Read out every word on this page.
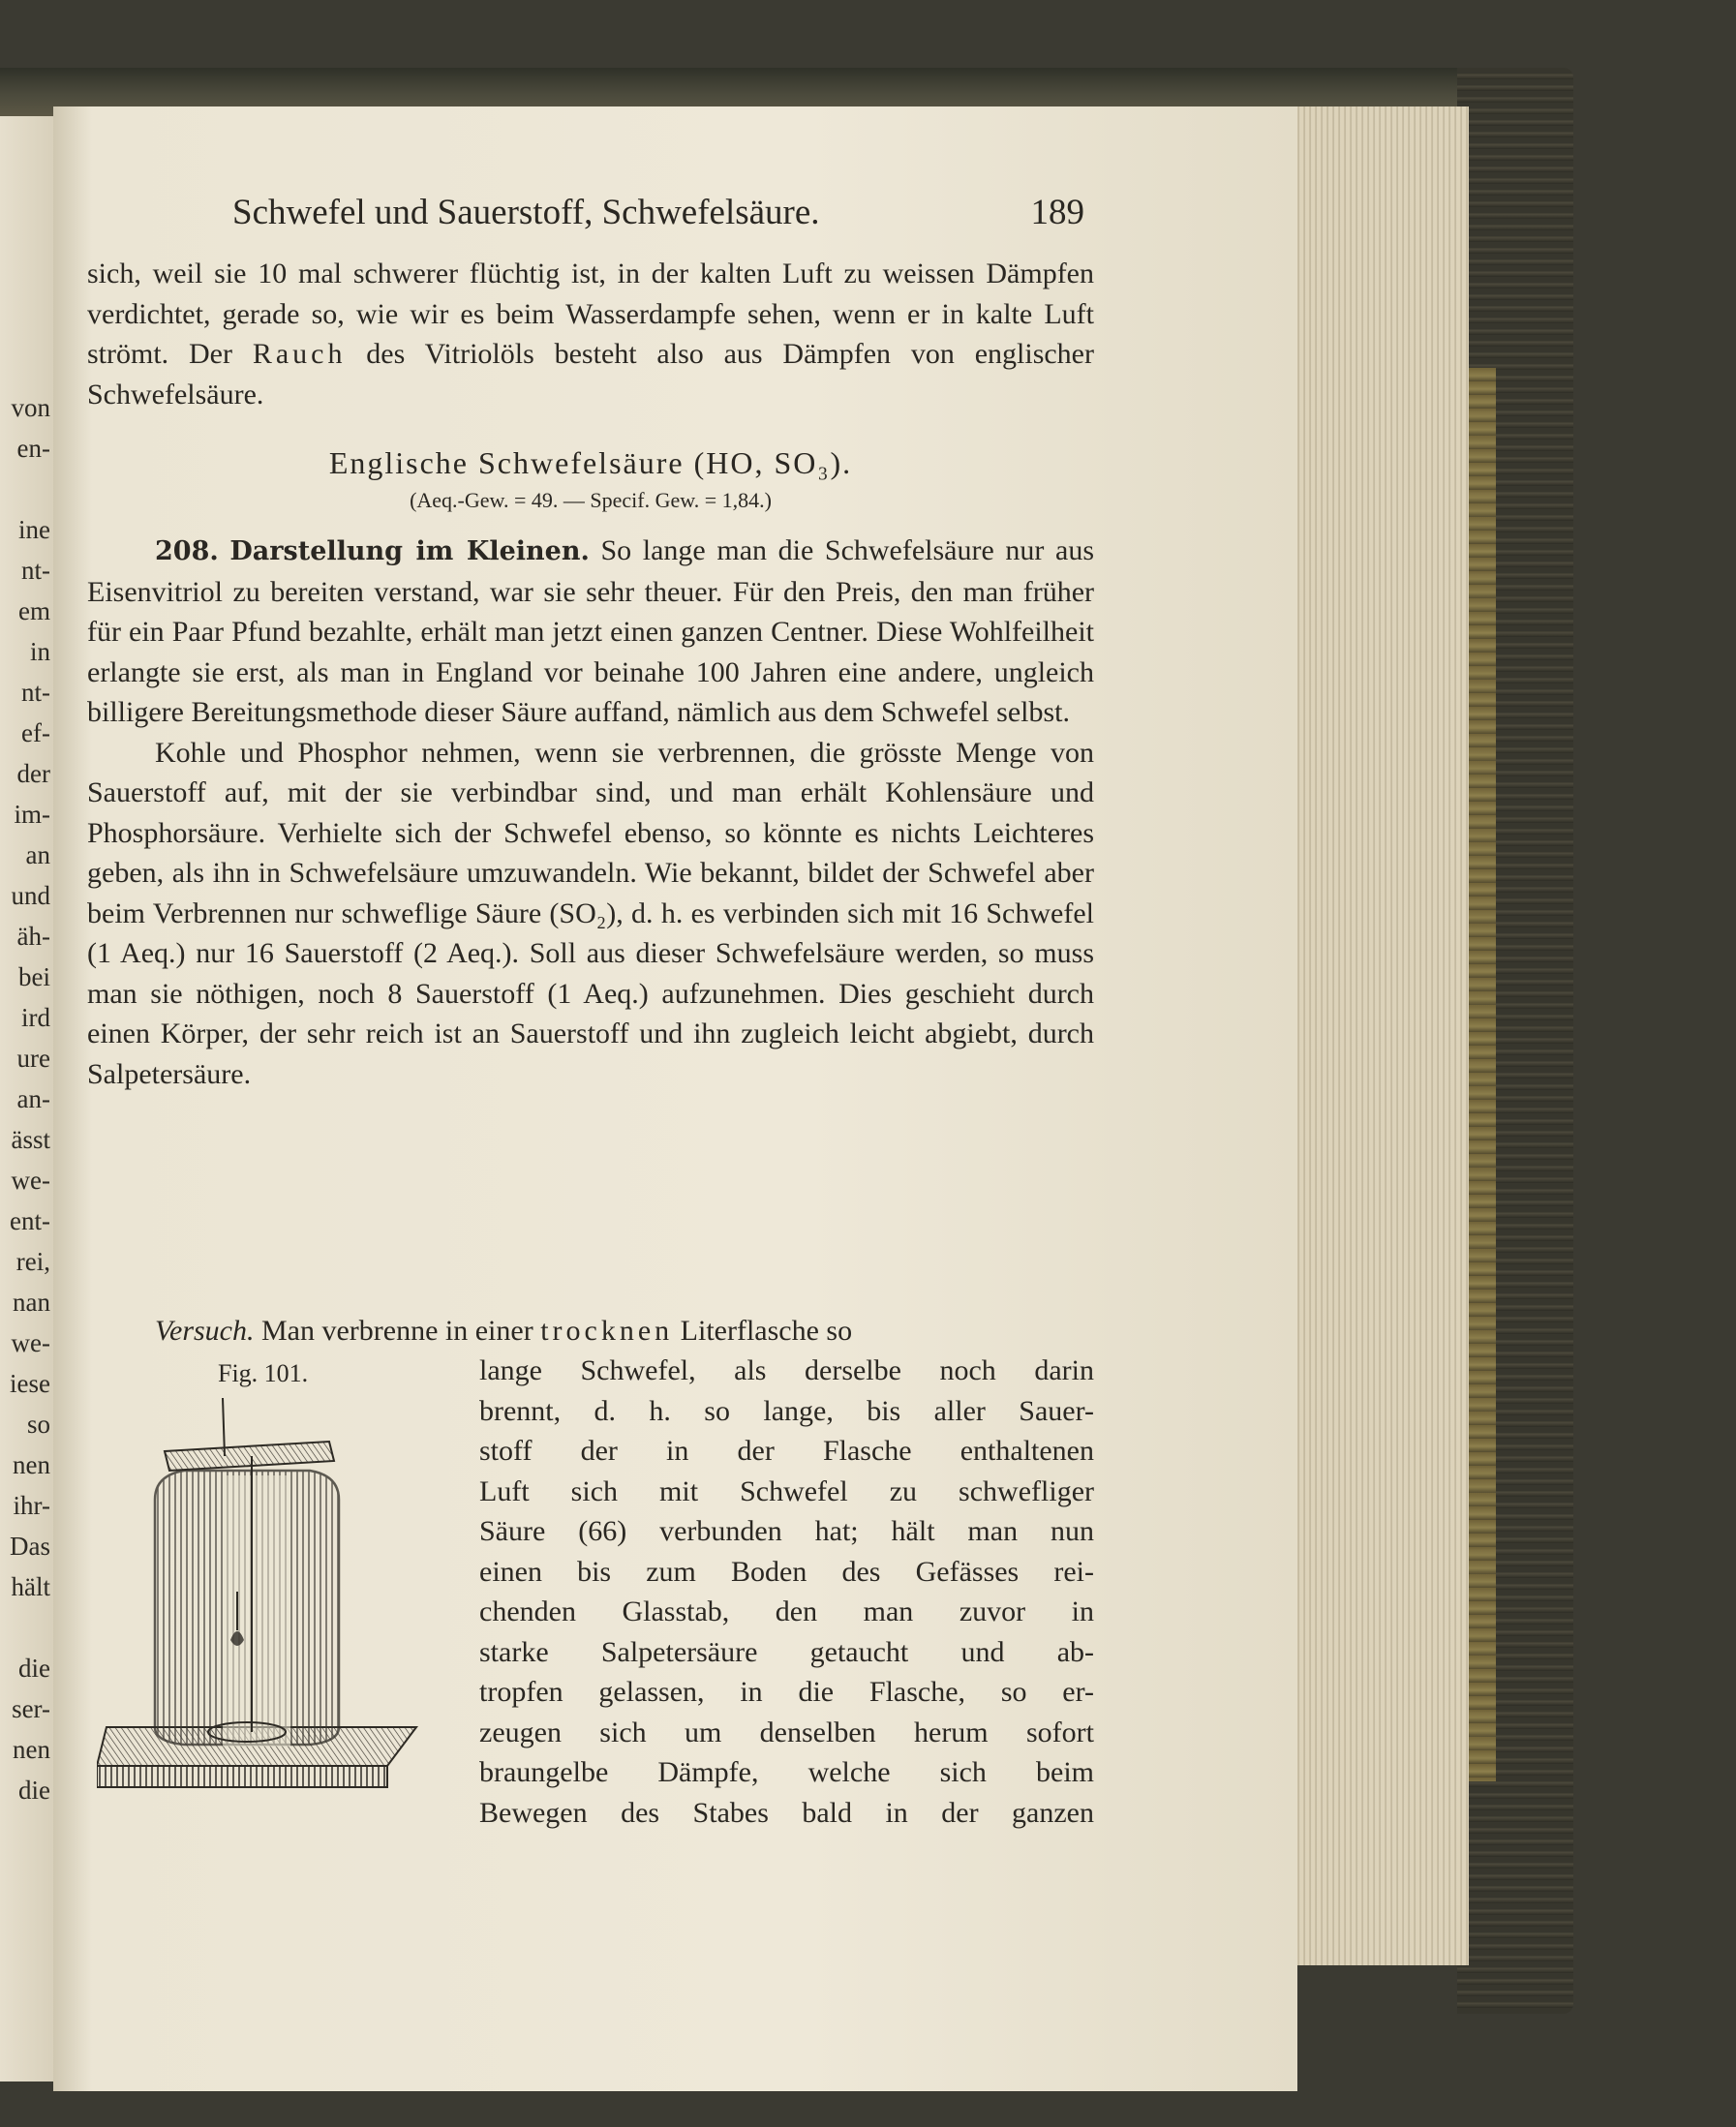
von
en-
ine
nt-
em
in
nt-
ef-
der
im-
an
und
äh-
bei
ird
ure
an-
ässt
we-
ent-
rei,
nan
we-
iese
so
nen
ihr-
Das
hält
die
ser-
nen
die
Schwefel und Sauerstoff, Schwefelsäure.	189

sich, weil sie 10 mal schwerer flüchtig ist, in der kalten Luft zu weissen Dämpfen verdichtet, gerade so, wie wir es beim Wasserdampfe sehen, wenn er in kalte Luft strömt. Der Rauch des Vitriolöls besteht also aus Dämpfen von englischer Schwefelsäure.

Englische Schwefelsäure (HO, SO₃).
(Aeq.-Gew. = 49. — Specif. Gew. = 1,84.)

208. Darstellung im Kleinen. So lange man die Schwefelsäure nur aus Eisenvitriol zu bereiten verstand, war sie sehr theuer. Für den Preis, den man früher für ein Paar Pfund bezahlte, erhält man jetzt einen ganzen Centner. Diese Wohlfeilheit erlangte sie erst, als man in England vor beinahe 100 Jahren eine andere, ungleich billigere Bereitungsmethode dieser Säure auffand, nämlich aus dem Schwefel selbst.

Kohle und Phosphor nehmen, wenn sie verbrennen, die grösste Menge von Sauerstoff auf, mit der sie verbindbar sind, und man erhält Kohlensäure und Phosphorsäure. Verhielte sich der Schwefel ebenso, so könnte es nichts Leichteres geben, als ihn in Schwefelsäure umzuwandeln. Wie bekannt, bildet der Schwefel aber beim Verbrennen nur schweflige Säure (SO₂), d. h. es verbinden sich mit 16 Schwefel (1 Aeq.) nur 16 Sauerstoff (2 Aeq.). Soll aus dieser Schwefelsäure werden, so muss man sie nöthigen, noch 8 Sauerstoff (1 Aeq.) aufzunehmen. Dies geschieht durch einen Körper, der sehr reich ist an Sauerstoff und ihn zugleich leicht abgiebt, durch Salpetersäure.

Versuch. Man verbrenne in einer trocknen Literflasche so
Fig. 101.	lange Schwefel, als derselbe noch darin
brennt, d. h. so lange, bis aller Sauer-
stoff der in der Flasche enthaltenen
Luft sich mit Schwefel zu schwefliger
Säure (66) verbunden hat; hält man nun
einen bis zum Boden des Gefässes rei-
chenden Glasstab, den man zuvor in
starke Salpetersäure getaucht und ab-
tropfen gelassen, in die Flasche, so er-
zeugen sich um denselben herum sofort
braungelbe Dämpfe, welche sich beim
Bewegen des Stabes bald in der ganzen
